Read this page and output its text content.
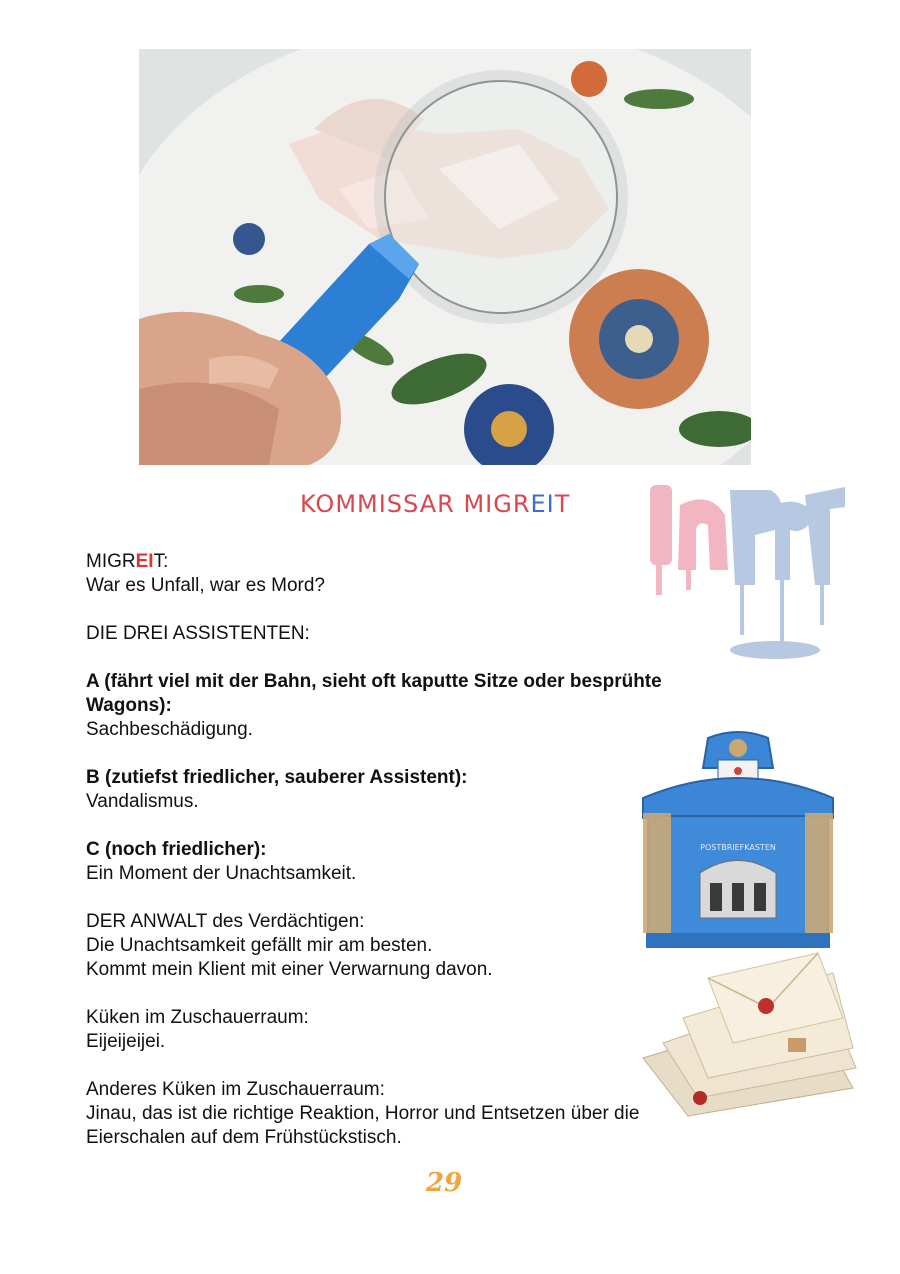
KOMMISSAR MIGREIT

MIGREIT:
War es Unfall, war es Mord?

DIE DREI ASSISTENTEN:

A (fährt viel mit der Bahn, sieht oft kaputte Sitze oder besprühte Wagons):
Sachbeschädigung.

B (zutiefst friedlicher, sauberer Assistent):
Vandalismus.

C (noch friedlicher):
Ein Moment der Unachtsamkeit.

DER ANWALT des Verdächtigen:
Die Unachtsamkeit gefällt mir am besten.
Kommt mein Klient mit einer Verwarnung davon.

Küken im Zuschauerraum:
Eijeijeijei.

Anderes Küken im Zuschauerraum:
Jinau, das ist die richtige Reaktion, Horror und Entsetzen über die Eierschalen auf dem Frühstückstisch.

POSTBRIEFKASTEN
29
